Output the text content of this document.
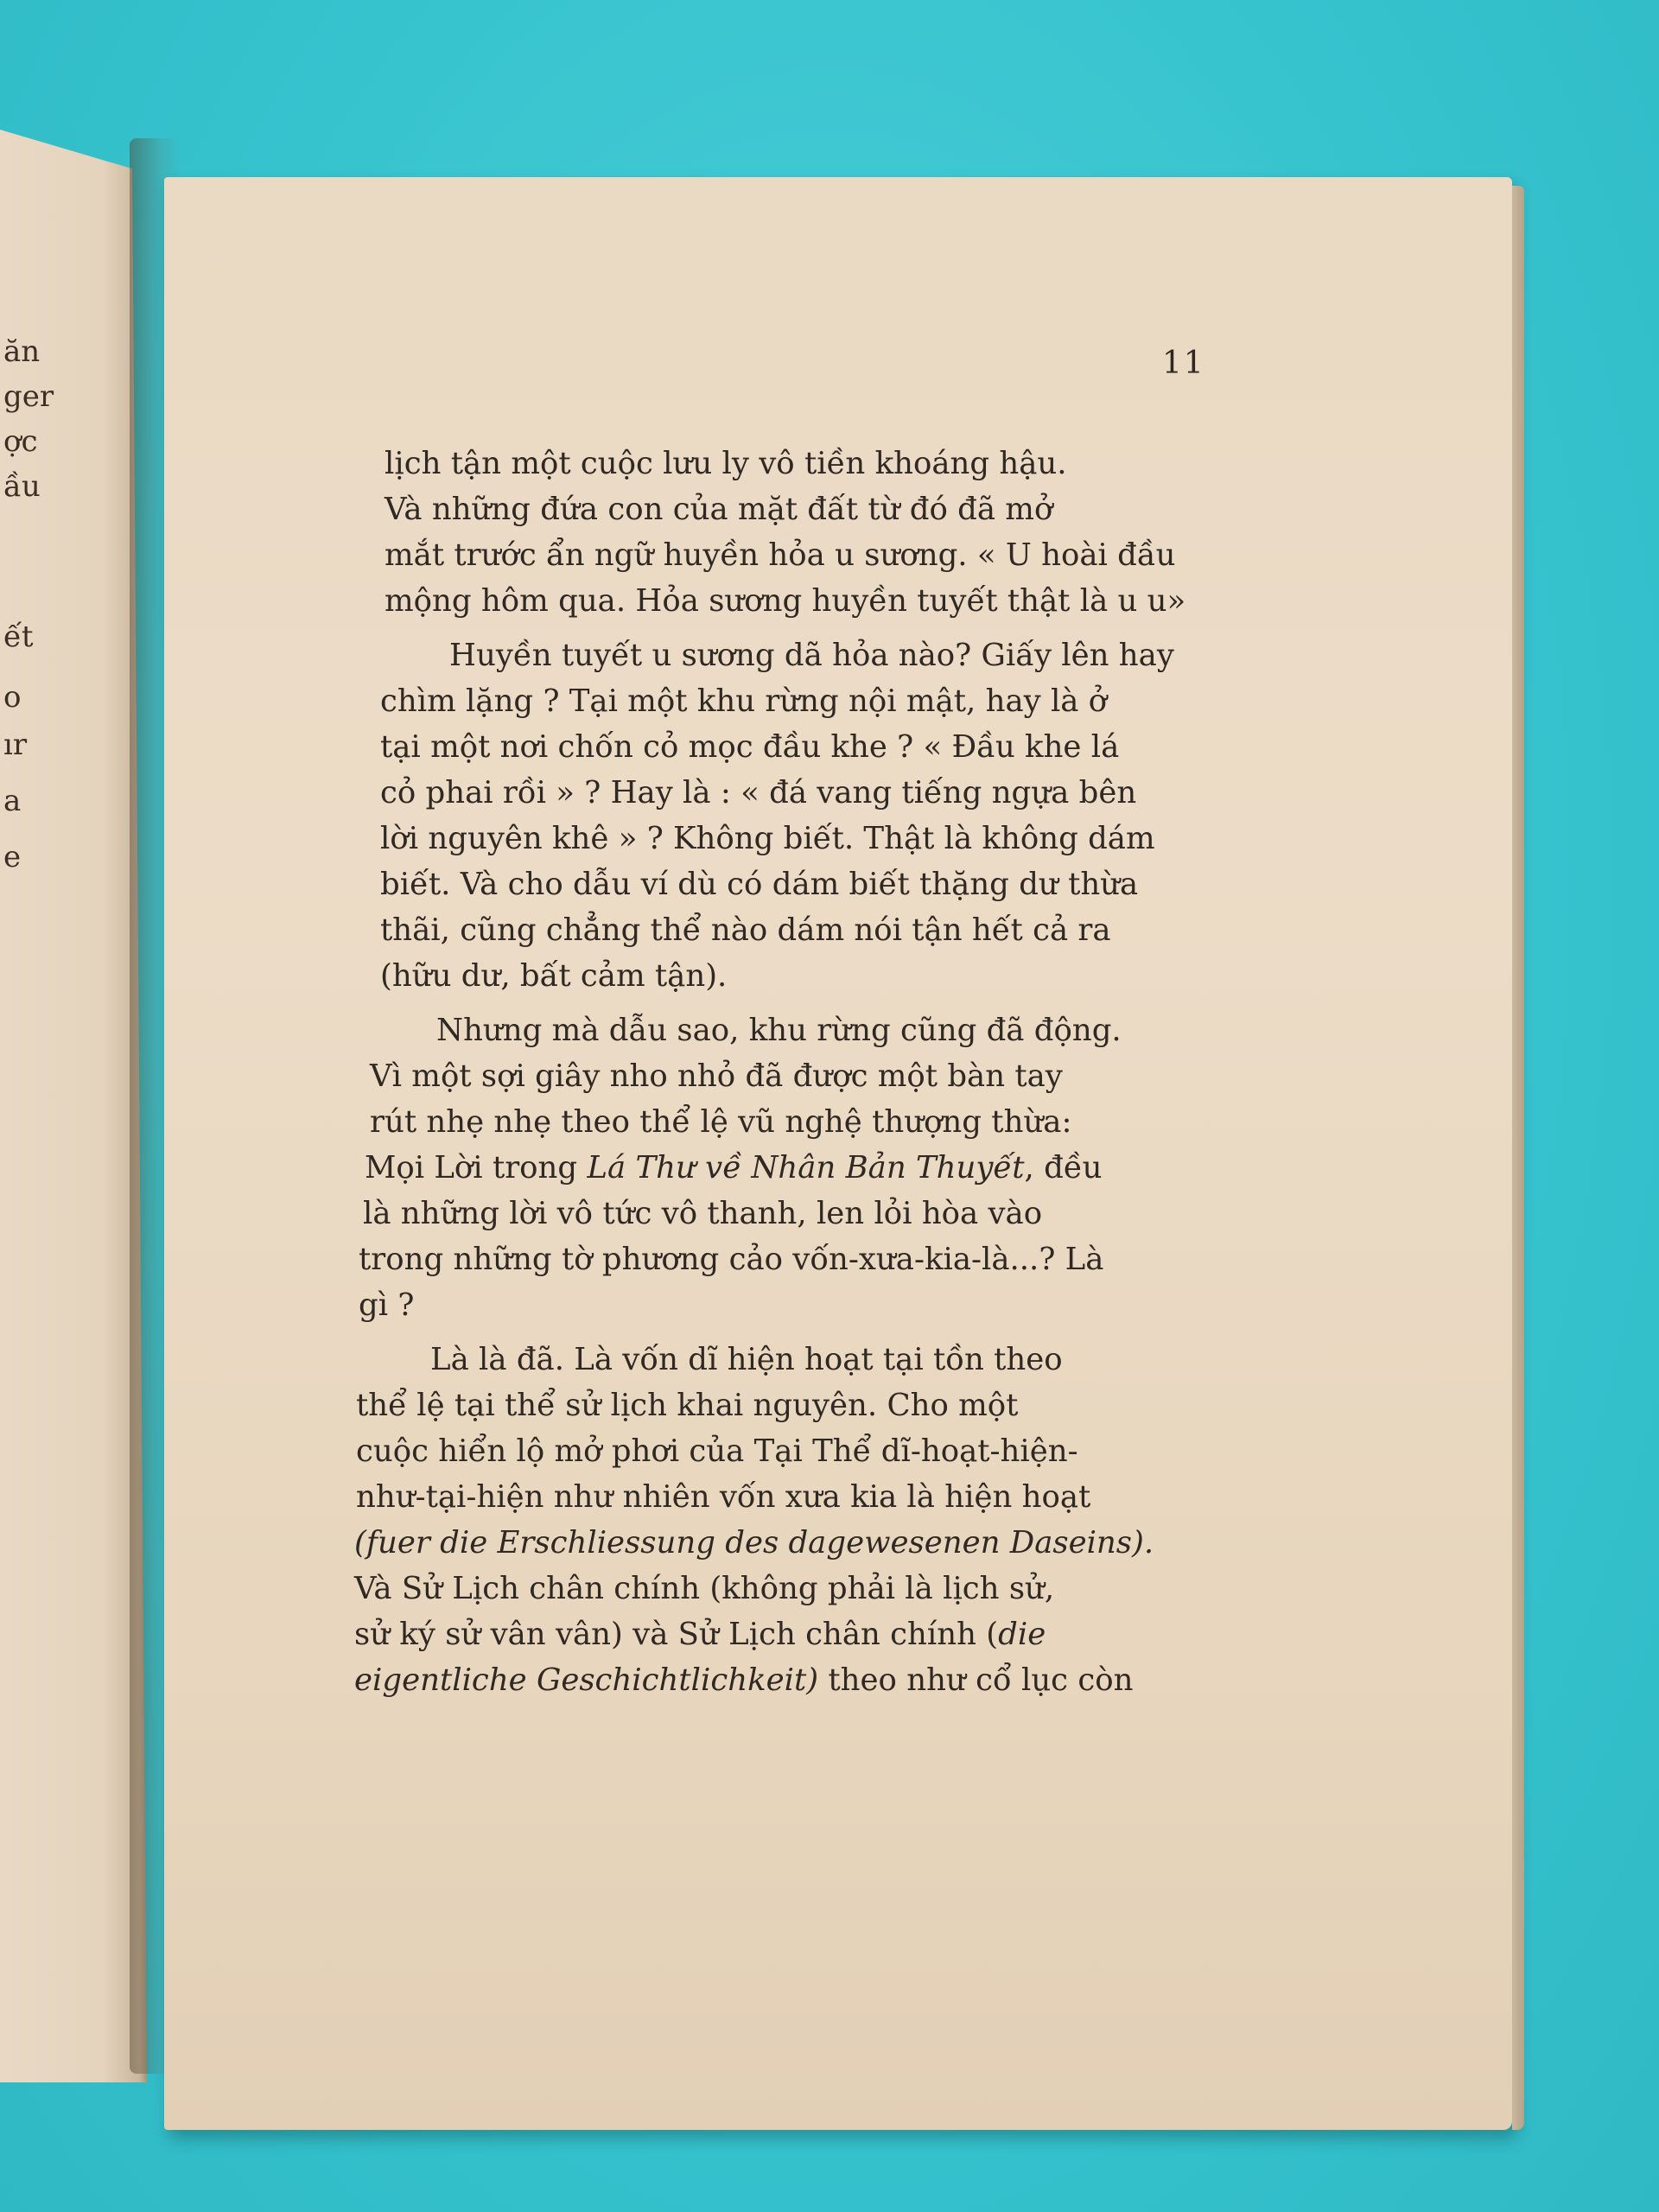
ăn
ger
ợc
ầu
ết
o
ır
a
e
11
lịch tận một cuộc lưu ly vô tiền khoáng hậu.
Và những đứa con của mặt đất từ đó đã mở
mắt trước ẩn ngữ huyền hỏa u sương. « U hoài đầu
mộng hôm qua. Hỏa sương huyền tuyết thật là u u»
Huyền tuyết u sương dã hỏa nào? Giấy lên hay
chìm lặng ? Tại một khu rừng nội mật, hay là ở
tại một nơi chốn cỏ mọc đầu khe ? « Đầu khe lá
cỏ phai rồi » ? Hay là : « đá vang tiếng ngựa bên
lời nguyên khê » ? Không biết. Thật là không dám
biết. Và cho dẫu ví dù có dám biết thặng dư thừa
thãi, cũng chẳng thể nào dám nói tận hết cả ra
(hữu dư, bất cảm tận).
Nhưng mà dẫu sao, khu rừng cũng đã động.
Vì một sợi giây nho nhỏ đã được một bàn tay
rút nhẹ nhẹ theo thể lệ vũ nghệ thượng thừa:
Mọi Lời trong Lá Thư về Nhân Bản Thuyết, đều
là những lời vô tức vô thanh, len lỏi hòa vào
trong những tờ phương cảo vốn-xưa-kia-là...? Là
gì ?
Là là đã. Là vốn dĩ hiện hoạt tại tồn theo
thể lệ tại thể sử lịch khai nguyên. Cho một
cuộc hiển lộ mở phơi của Tại Thể dĩ-hoạt-hiện-
như-tại-hiện như nhiên vốn xưa kia là hiện hoạt
(fuer die Erschliessung des dagewesenen Daseins).
Và Sử Lịch chân chính (không phải là lịch sử,
sử ký sử vân vân) và Sử Lịch chân chính (die
eigentliche Geschichtlichkeit) theo như cổ lục còn
